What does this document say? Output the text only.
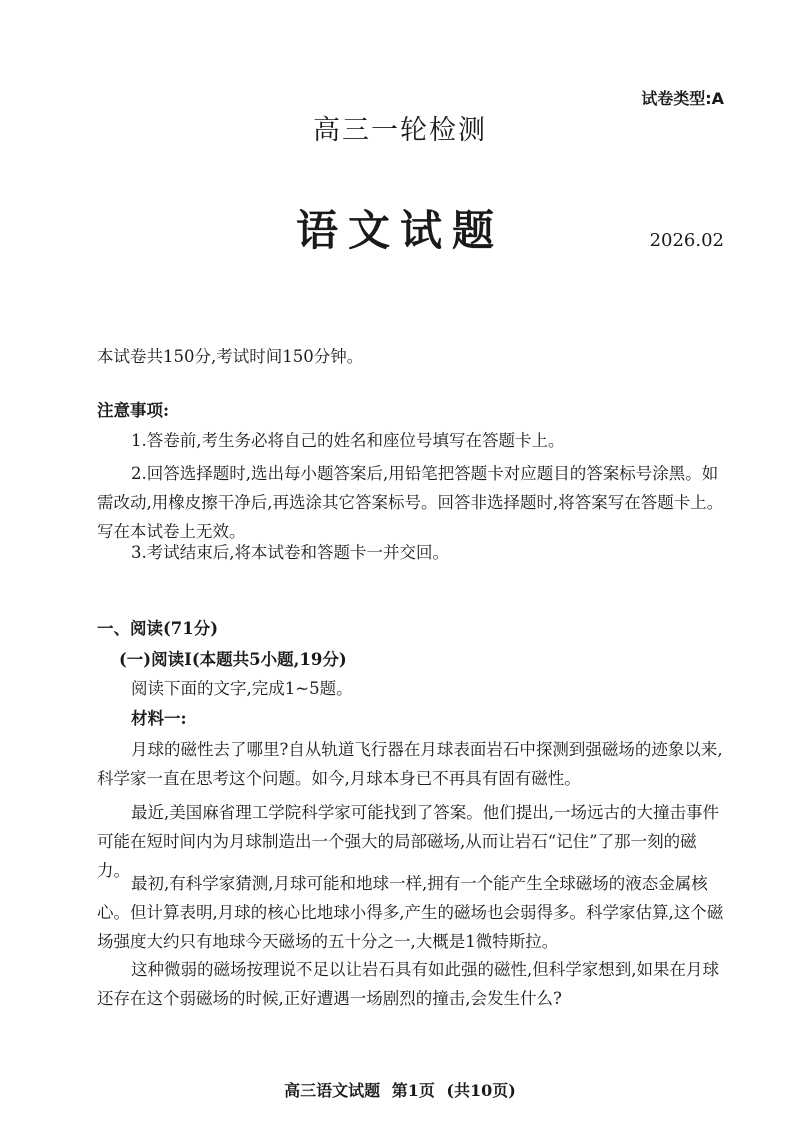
试卷类型:A
高三一轮检测
语文试题	2026.02
本试卷共150分,考试时间150分钟。
注意事项:
1.答卷前,考生务必将自己的姓名和座位号填写在答题卡上。
2.回答选择题时,选出每小题答案后,用铅笔把答题卡对应题目的答案标号涂黑。如需改动,用橡皮擦干净后,再选涂其它答案标号。回答非选择题时,将答案写在答题卡上。写在本试卷上无效。
3.考试结束后,将本试卷和答题卡一并交回。
一、阅读(71分)
(一)阅读Ⅰ(本题共5小题,19分)
阅读下面的文字,完成1~5题。
材料一:
月球的磁性去了哪里?自从轨道飞行器在月球表面岩石中探测到强磁场的迹象以来,科学家一直在思考这个问题。如今,月球本身已不再具有固有磁性。
最近,美国麻省理工学院科学家可能找到了答案。他们提出,一场远古的大撞击事件可能在短时间内为月球制造出一个强大的局部磁场,从而让岩石“记住”了那一刻的磁力。
最初,有科学家猜测,月球可能和地球一样,拥有一个能产生全球磁场的液态金属核心。但计算表明,月球的核心比地球小得多,产生的磁场也会弱得多。科学家估算,这个磁场强度大约只有地球今天磁场的五十分之一,大概是1微特斯拉。
这种微弱的磁场按理说不足以让岩石具有如此强的磁性,但科学家想到,如果在月球还存在这个弱磁场的时候,正好遭遇一场剧烈的撞击,会发生什么?
高三语文试题 第1页 (共10页)
